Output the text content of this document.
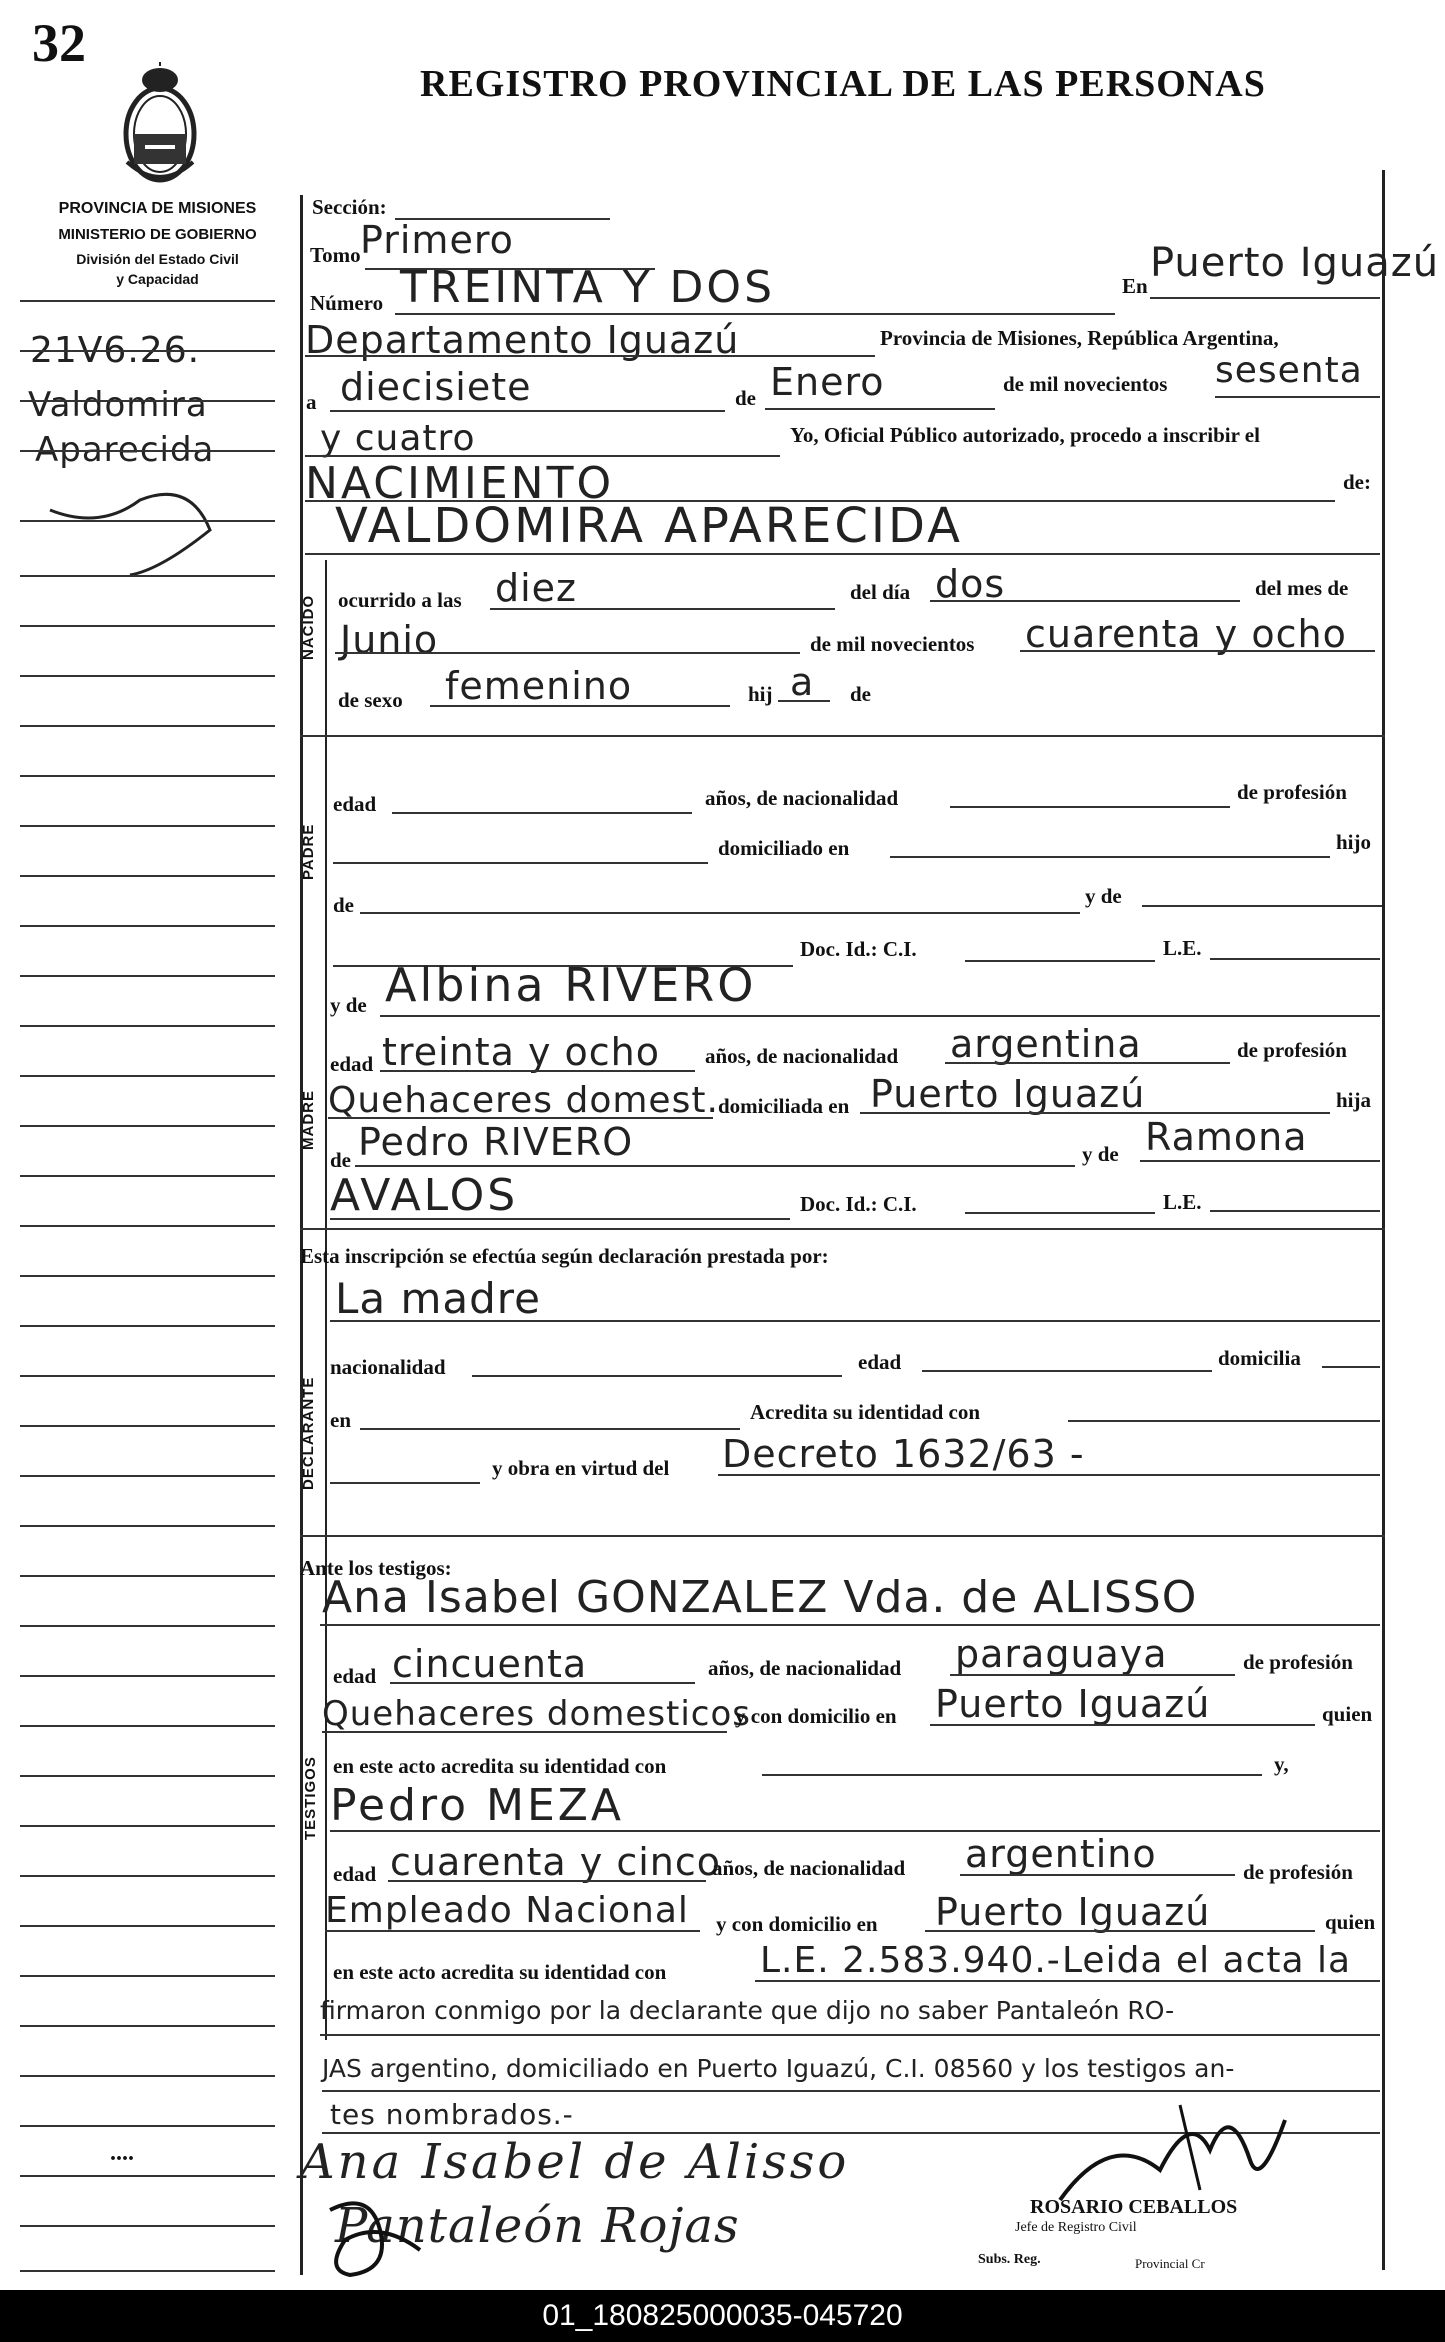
32
REGISTRO PROVINCIAL DE LAS PERSONAS
PROVINCIA DE MISIONES
MINISTERIO DE GOBIERNO
División del Estado Civil
y Capacidad
21V6.26.
Valdomira
Aparecida
....
NACIDO
PADRE
MADRE
DECLARANTE
TESTIGOS
Sección:
Tomo Primero
Número TREINTA Y DOS	En Puerto Iguazú
Departamento Iguazú	Provincia de Misiones, República Argentina,
a diecisiete	de Enero	de mil novecientos sesenta
y cuatro	Yo, Oficial Público autorizado, procedo a inscribir el
NACIMIENTO	de:
VALDOMIRA APARECIDA
ocurrido a las diez	del día dos	del mes de
Junio	de mil novecientos cuarenta y ocho
de sexo femenino	hij a de
edad	años, de nacionalidad	de profesión
domiciliado en	hijo
de	y de
Doc. Id.: C.I.	L.E.
y de Albina RIVERO
edad treinta y ocho años, de nacionalidad argentina	de profesión
Quehaceres domest. domiciliada en Puerto Iguazú	hija
de Pedro RIVERO	y de Ramona
AVALOS	Doc. Id.: C.I.	L.E.
Esta inscripción se efectúa según declaración prestada por:
La madre
nacionalidad	edad	domicilia
en	Acredita su identidad con
y obra en virtud del Decreto 1632/63 -
Ante los testigos:
Ana Isabel GONZALEZ Vda. de ALISSO
edad cincuenta	años, de nacionalidad paraguaya	de profesión
Quehaceres domesticos
y con domicilio en Puerto Iguazú	quien
en este acto acredita su identidad con	y,
Pedro MEZA
edad cuarenta y cinco
años, de nacionalidad argentino	de profesión
Empleado Nacional y con domicilio en Puerto Iguazú	quien
en este acto acredita su identidad con	L.E. 2.583.940.- Leida el acta la
firmaron conmigo por la declarante que dijo no saber Pantaleón RO-
JAS argentino, domiciliado en Puerto Iguazú, C.I. 08560 y los testigos an-
tes nombrados.-
Ana Isabel de Alisso
Pantaleón Rojas	ROSARIO CEBALLOS
Jefe de Registro Civil
Subs. Reg.	Provincial Cr
01_180825000035-045720
